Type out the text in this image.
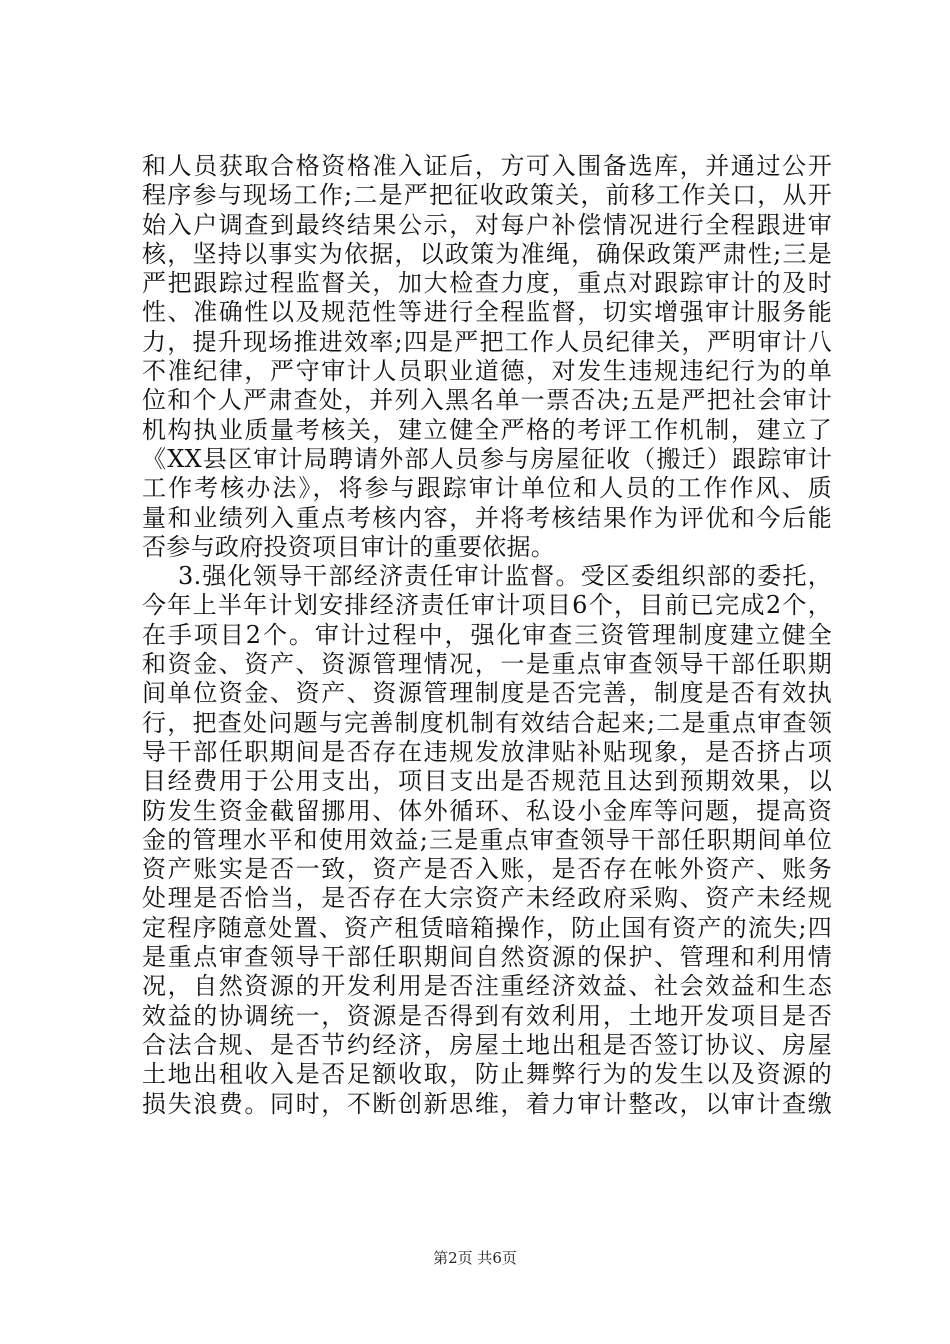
和人员获取合格资格准入证后，方可入围备选库，并通过公开
程序参与现场工作;二是严把征收政策关，前移工作关口，从开
始入户调查到最终结果公示，对每户补偿情况进行全程跟进审
核，坚持以事实为依据，以政策为准绳，确保政策严肃性;三是
严把跟踪过程监督关，加大检查力度，重点对跟踪审计的及时
性、准确性以及规范性等进行全程监督，切实增强审计服务能
力，提升现场推进效率;四是严把工作人员纪律关，严明审计八
不准纪律，严守审计人员职业道德，对发生违规违纪行为的单
位和个人严肃查处，并列入黑名单一票否决;五是严把社会审计
机构执业质量考核关，建立健全严格的考评工作机制，建立了
《XX县区审计局聘请外部人员参与房屋征收（搬迁）跟踪审计
工作考核办法》，将参与跟踪审计单位和人员的工作作风、质
量和业绩列入重点考核内容，并将考核结果作为评优和今后能
否参与政府投资项目审计的重要依据。
3.强化领导干部经济责任审计监督。受区委组织部的委托，
今年上半年计划安排经济责任审计项目6个，目前已完成2个，
在手项目2个。审计过程中，强化审查三资管理制度建立健全
和资金、资产、资源管理情况，一是重点审查领导干部任职期
间单位资金、资产、资源管理制度是否完善，制度是否有效执
行，把查处问题与完善制度机制有效结合起来;二是重点审查领
导干部任职期间是否存在违规发放津贴补贴现象，是否挤占项
目经费用于公用支出，项目支出是否规范且达到预期效果，以
防发生资金截留挪用、体外循环、私设小金库等问题，提高资
金的管理水平和使用效益;三是重点审查领导干部任职期间单位
资产账实是否一致，资产是否入账，是否存在帐外资产、账务
处理是否恰当，是否存在大宗资产未经政府采购、资产未经规
定程序随意处置、资产租赁暗箱操作，防止国有资产的流失;四
是重点审查领导干部任职期间自然资源的保护、管理和利用情
况，自然资源的开发利用是否注重经济效益、社会效益和生态
效益的协调统一，资源是否得到有效利用，土地开发项目是否
合法合规、是否节约经济，房屋土地出租是否签订协议、房屋
土地出租收入是否足额收取，防止舞弊行为的发生以及资源的
损失浪费。同时，不断创新思维，着力审计整改，以审计查缴
第2页 共6页
